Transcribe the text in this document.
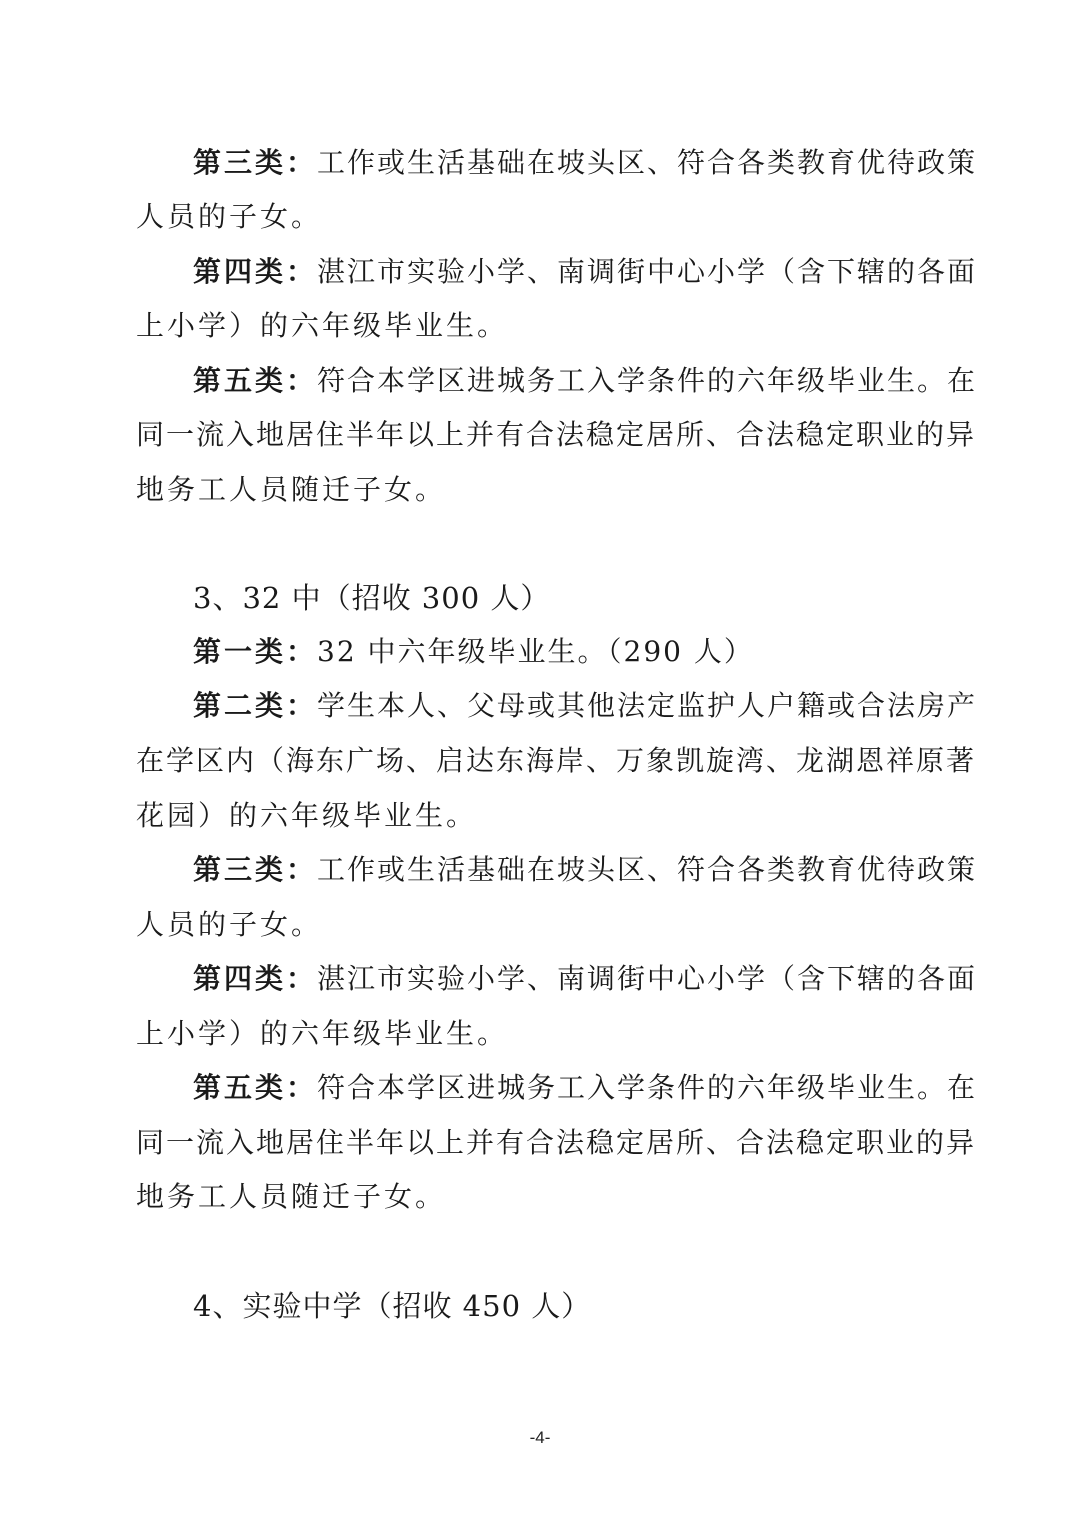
第三类：工作或生活基础在坡头区、符合各类教育优待政策
人员的子女。
第四类：湛江市实验小学、南调街中心小学（含下辖的各面
上小学）的六年级毕业生。
第五类：符合本学区进城务工入学条件的六年级毕业生。在
同一流入地居住半年以上并有合法稳定居所、合法稳定职业的异
地务工人员随迁子女。
3、32 中（招收 300 人）
第一类：32 中六年级毕业生。（290 人）
第二类：学生本人、父母或其他法定监护人户籍或合法房产
在学区内（海东广场、启达东海岸、万象凯旋湾、龙湖恩祥原著
花园）的六年级毕业生。
第三类：工作或生活基础在坡头区、符合各类教育优待政策
人员的子女。
第四类：湛江市实验小学、南调街中心小学（含下辖的各面
上小学）的六年级毕业生。
第五类：符合本学区进城务工入学条件的六年级毕业生。在
同一流入地居住半年以上并有合法稳定居所、合法稳定职业的异
地务工人员随迁子女。
4、实验中学（招收 450 人）
-4-
